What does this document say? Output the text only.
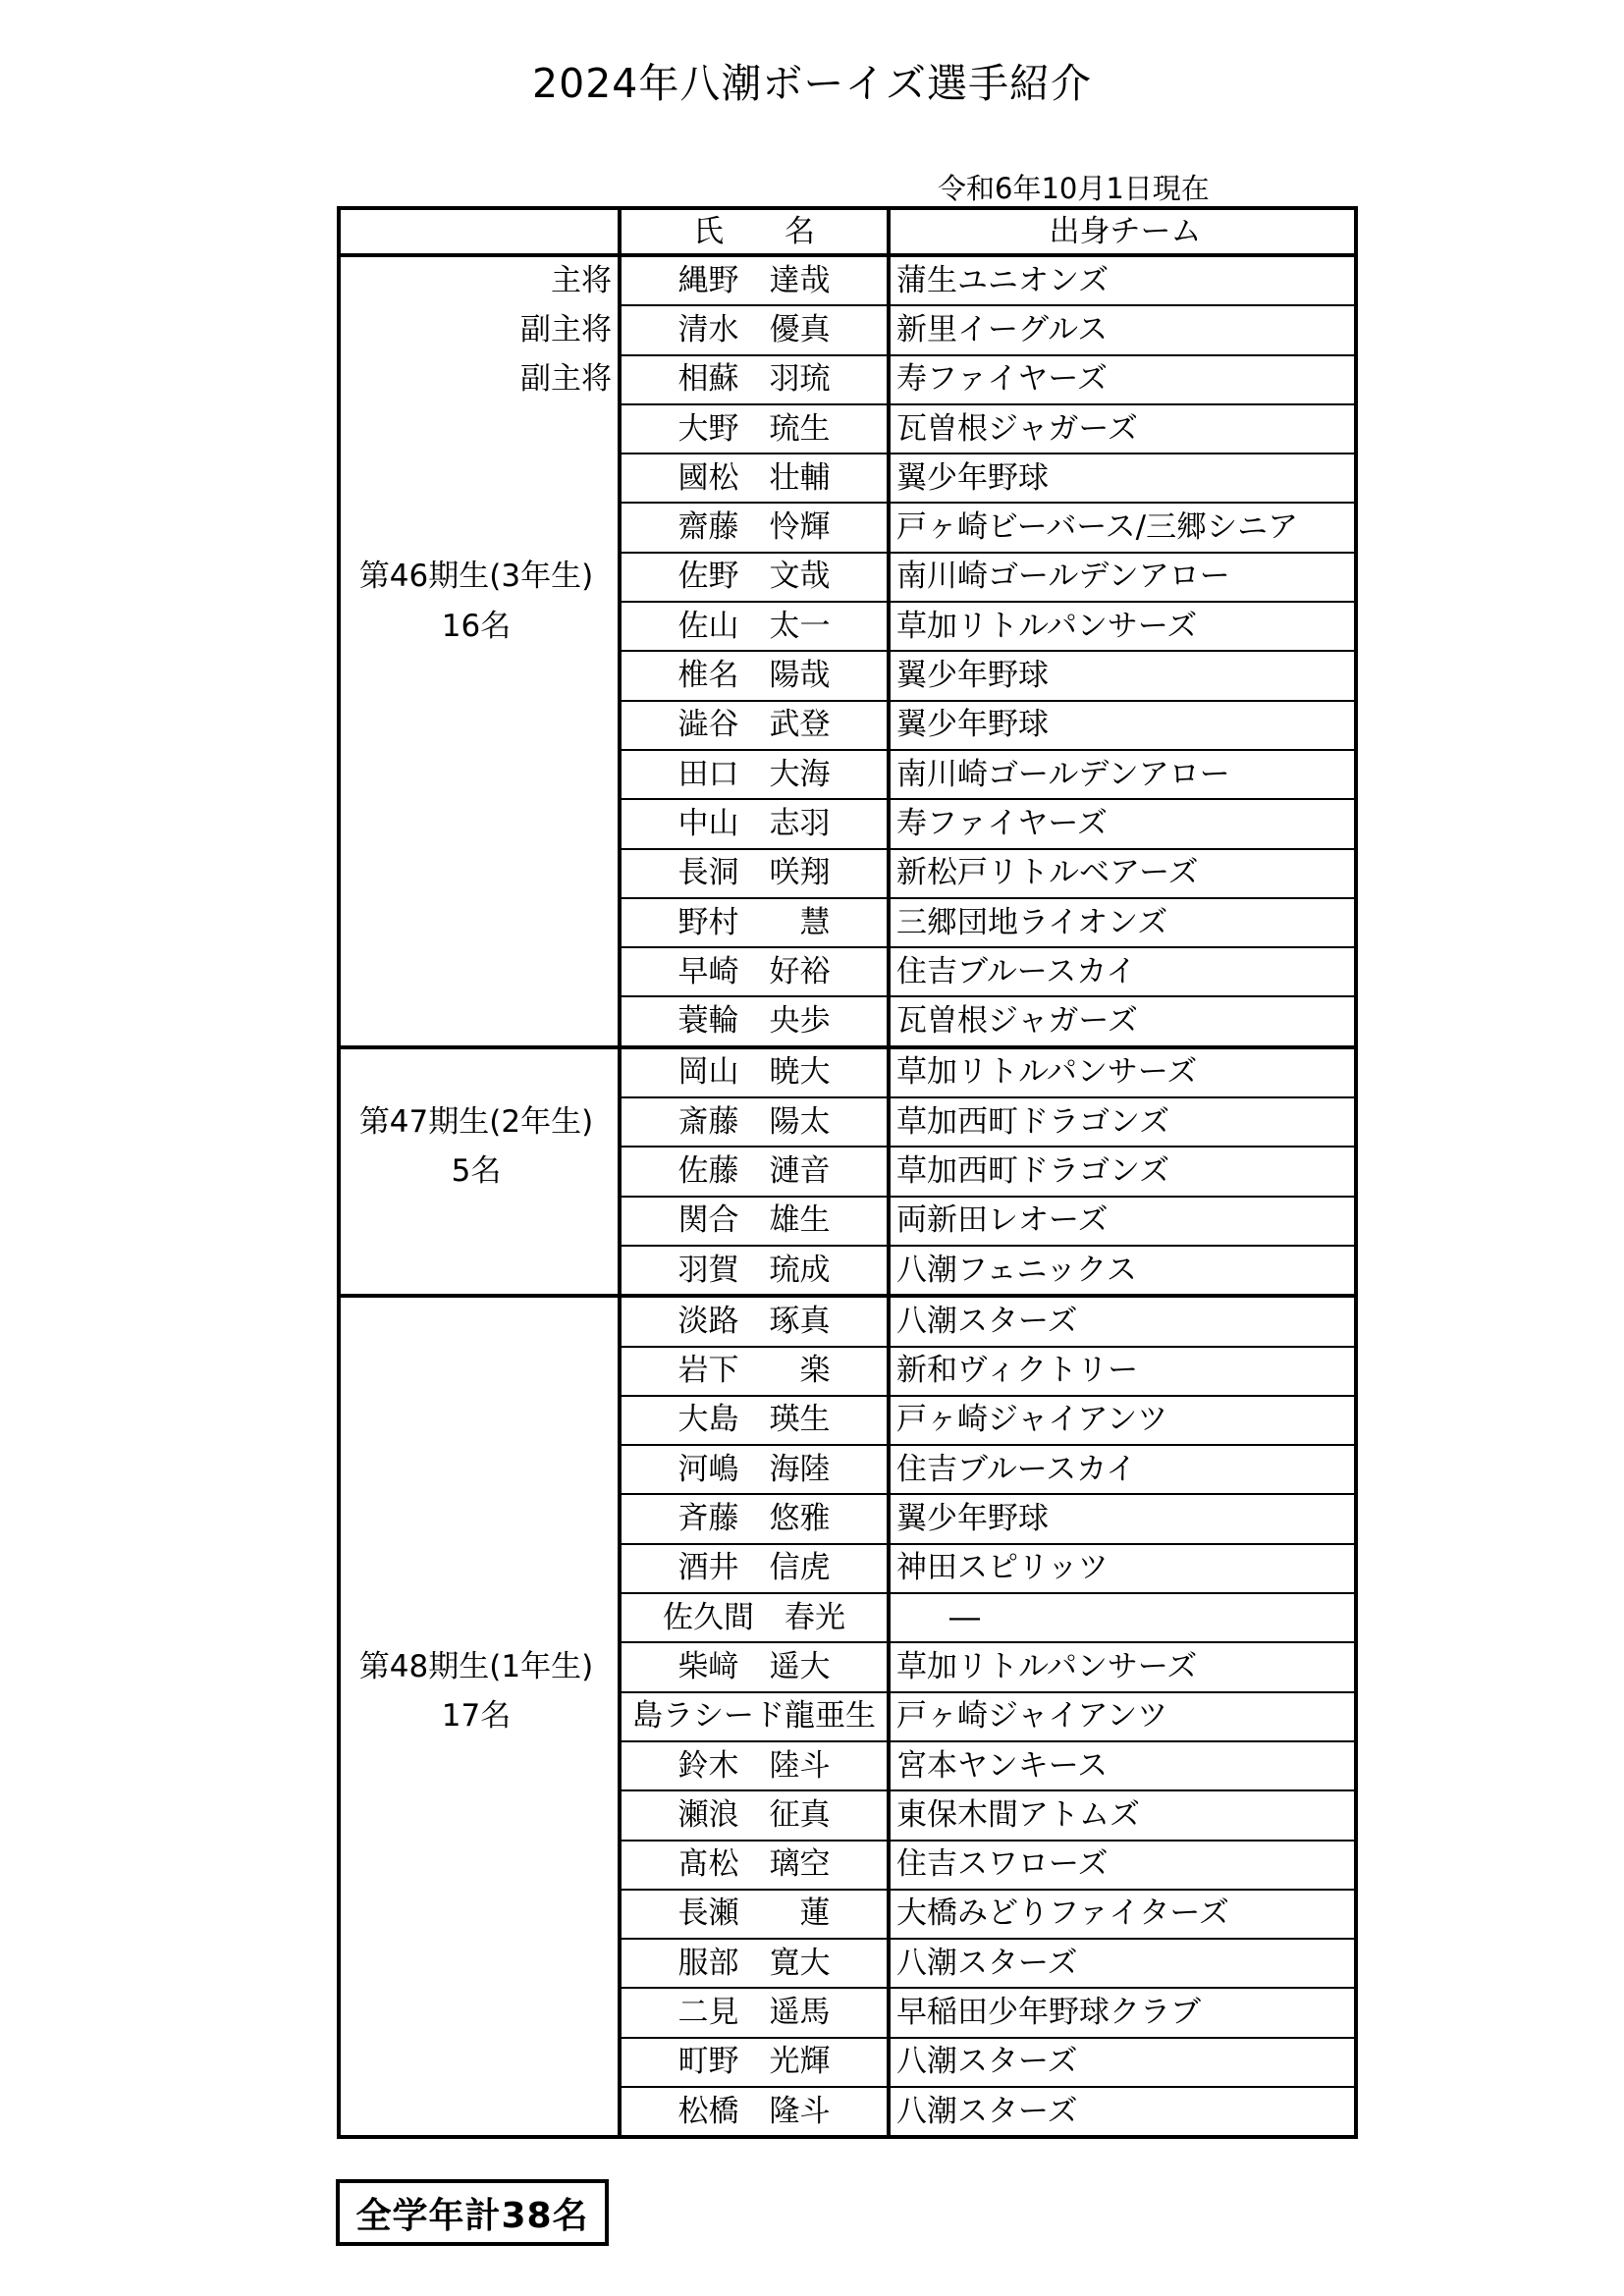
2024年八潮ボーイズ選手紹介
令和6年10月1日現在
	氏　　名	出身チーム
主将	縄野　達哉	蒲生ユニオンズ
副主将	清水　優真	新里イーグルス
副主将	相蘇　羽琉	寿ファイヤーズ
	大野　琉生	瓦曽根ジャガーズ
	國松　壮輔	翼少年野球
	齋藤　怜輝	戸ヶ崎ビーバース/三郷シニア
第46期生(3年生)	佐野　文哉	南川崎ゴールデンアロー
16名	佐山　太一	草加リトルパンサーズ
	椎名　陽哉	翼少年野球
	澁谷　武登	翼少年野球
	田口　大海	南川崎ゴールデンアロー
	中山　志羽	寿ファイヤーズ
	長洞　咲翔	新松戸リトルベアーズ
	野村　　慧	三郷団地ライオンズ
	早崎　好裕	住吉ブルースカイ
	蓑輪　央歩	瓦曽根ジャガーズ
	岡山　暁大	草加リトルパンサーズ
第47期生(2年生)	斎藤　陽太	草加西町ドラゴンズ
5名	佐藤　漣音	草加西町ドラゴンズ
	関合　雄生	両新田レオーズ
	羽賀　琉成	八潮フェニックス
	淡路　琢真	八潮スターズ
	岩下　　楽	新和ヴィクトリー
	大島　瑛生	戸ヶ崎ジャイアンツ
	河嶋　海陸	住吉ブルースカイ
	斉藤　悠雅	翼少年野球
	酒井　信虎	神田スピリッツ
	佐久間　春光	―
第48期生(1年生)	柴﨑　遥大	草加リトルパンサーズ
17名	島ラシード龍亜生	戸ヶ崎ジャイアンツ
	鈴木　陸斗	宮本ヤンキース
	瀬浪　征真	東保木間アトムズ
	髙松　璃空	住吉スワローズ
	長瀬　　蓮	大橋みどりファイターズ
	服部　寛大	八潮スターズ
	二見　遥馬	早稲田少年野球クラブ
	町野　光輝	八潮スターズ
	松橋　隆斗	八潮スターズ
全学年計38名
